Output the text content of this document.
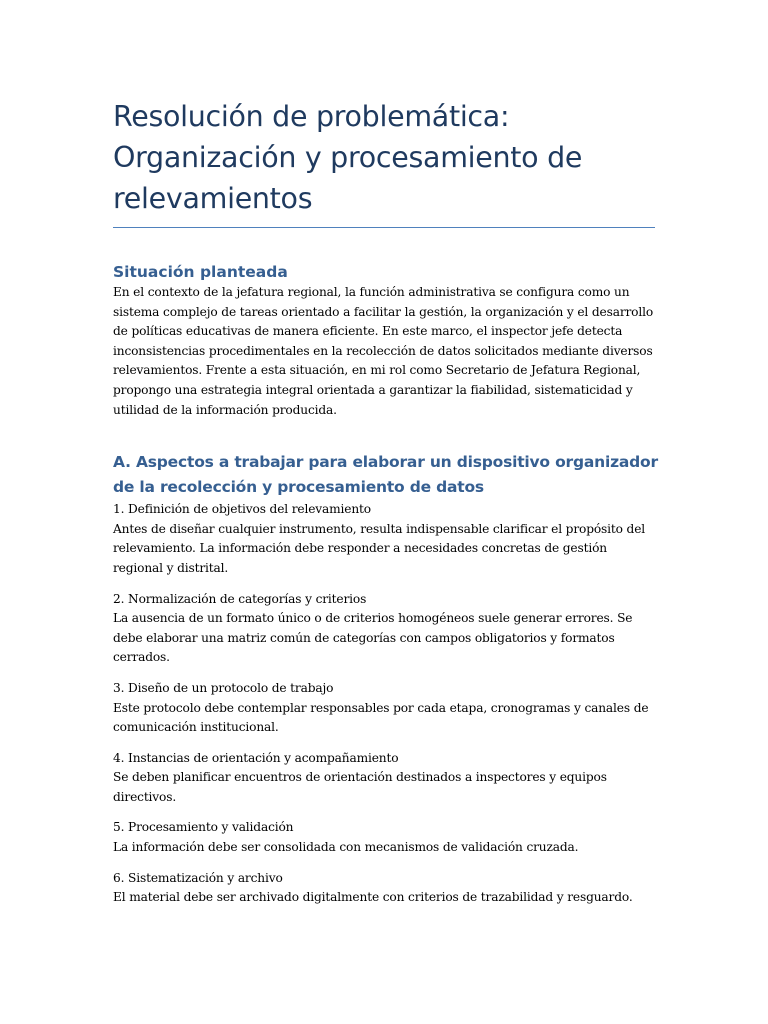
Resolución de problemática:
Organización y procesamiento de
relevamientos
Situación planteada

En el contexto de la jefatura regional, la función administrativa se configura como un sistema complejo de tareas orientado a facilitar la gestión, la organización y el desarrollo de políticas educativas de manera eficiente. En este marco, el inspector jefe detecta inconsistencias procedimentales en la recolección de datos solicitados mediante diversos relevamientos. Frente a esta situación, en mi rol como Secretario de Jefatura Regional, propongo una estrategia integral orientada a garantizar la fiabilidad, sistematicidad y utilidad de la información producida.

A. Aspectos a trabajar para elaborar un dispositivo organizador de la recolección y procesamiento de datos
1. Definición de objetivos del relevamiento
Antes de diseñar cualquier instrumento, resulta indispensable clarificar el propósito del relevamiento. La información debe responder a necesidades concretas de gestión regional y distrital.
2. Normalización de categorías y criterios
La ausencia de un formato único o de criterios homogéneos suele generar errores. Se debe elaborar una matriz común de categorías con campos obligatorios y formatos cerrados.
3. Diseño de un protocolo de trabajo
Este protocolo debe contemplar responsables por cada etapa, cronogramas y canales de comunicación institucional.
4. Instancias de orientación y acompañamiento
Se deben planificar encuentros de orientación destinados a inspectores y equipos directivos.
5. Procesamiento y validación
La información debe ser consolidada con mecanismos de validación cruzada.
6. Sistematización y archivo
El material debe ser archivado digitalmente con criterios de trazabilidad y resguardo.
